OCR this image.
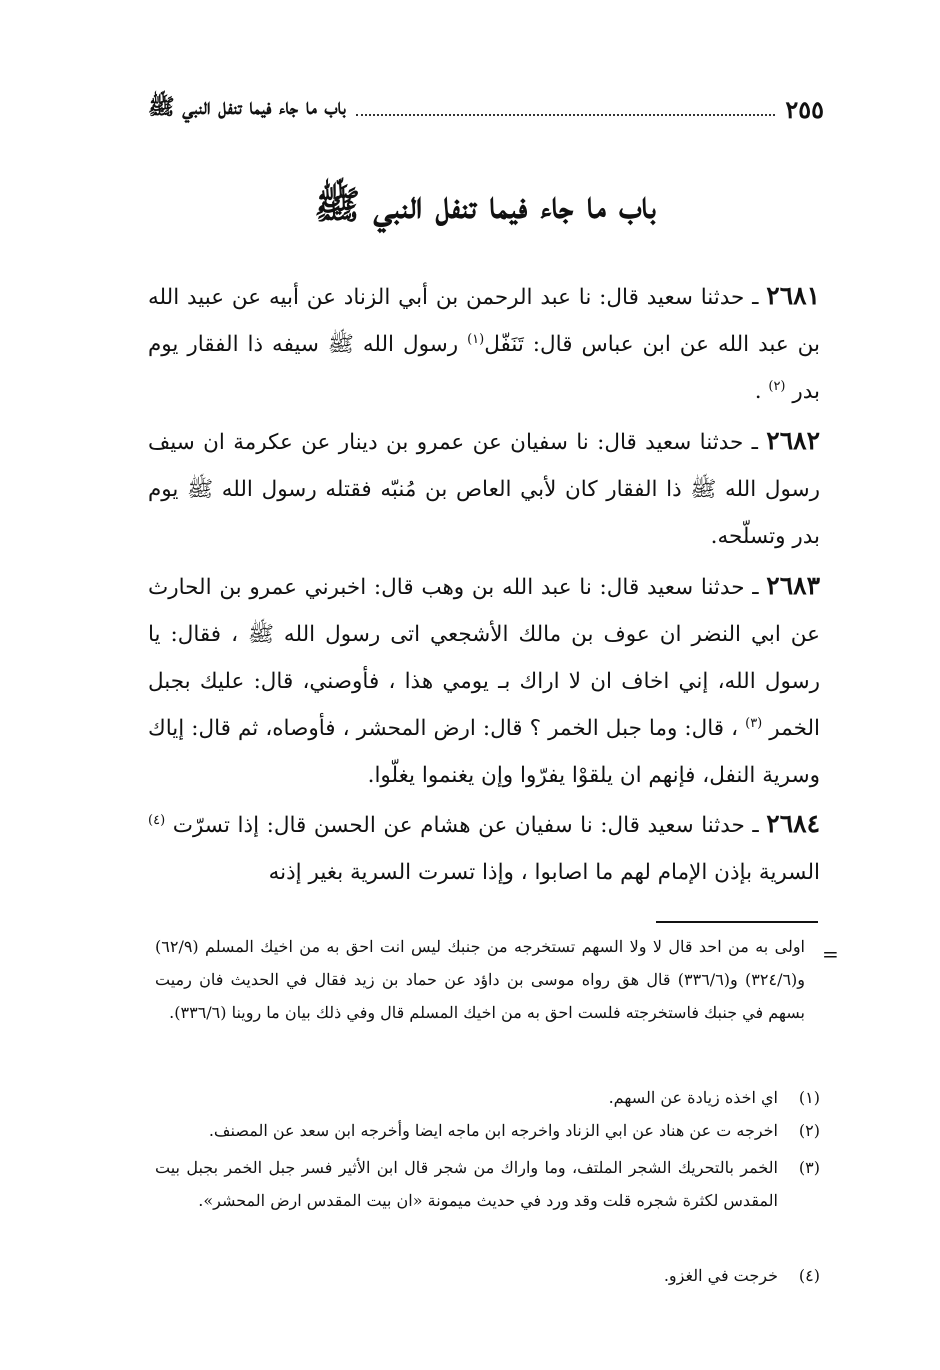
باب ما جاء فيما تنفل النبي ﷺ	٢٥٥
باب ما جاء فيما تنفل النبي ﷺ
٢٦٨١ ـ حدثنا سعيد قال: نا عبد الرحمن بن أبي الزناد عن أبيه عن عبيد الله بن عبد الله عن ابن عباس قال: تَنَفّل$^{(١)}$ رسول الله ﷺ سيفه ذا الفقار يوم بدر $^{(٢)}$ .
٢٦٨٢ ـ حدثنا سعيد قال: نا سفيان عن عمرو بن دينار عن عكرمة ان سيف رسول الله ﷺ ذا الفقار كان لأبي العاص بن مُنبّه فقتله رسول الله ﷺ يوم بدر وتسلّحه.
٢٦٨٣ ـ حدثنا سعيد قال: نا عبد الله بن وهب قال: اخبرني عمرو بن الحارث عن ابي النضر ان عوف بن مالك الأشجعي اتى رسول الله ﷺ ، فقال: يا رسول الله، إني اخاف ان لا اراك بـ يومي هذا ، فأوصني، قال: عليك بجبل الخمر $^{(٣)}$ ، قال: وما جبل الخمر ؟ قال: ارض المحشر ، فأوصاه، ثم قال: إياك وسرية النفل، فإنهم ان يلقوْا يفرّوا وإن يغنموا يغلّوا.
٢٦٨٤ ـ حدثنا سعيد قال: نا سفيان عن هشام عن الحسن قال: إذا تسرّت $^{(٤)}$ السرية بإذن الإمام لهم ما اصابوا ، وإذا تسرت السرية بغير إذنه
=
اولى به من احد قال لا ولا السهم تستخرجه من جنبك ليس انت احق به من اخيك المسلم (٦٢/٩) و(٣٢٤/٦) و(٣٣٦/٦) قال هق رواه موسى بن داؤد عن حماد بن زيد فقال في الحديث فان رميت بسهم في جنبك فاستخرجته فلست احق به من اخيك المسلم قال وفي ذلك بيان ما روينا (٣٣٦/٦).
(١)
اي اخذه زيادة عن السهم.
(٢)
اخرجه ت عن هناد عن ابي الزناد واخرجه ابن ماجه ايضا وأخرجه ابن سعد عن المصنف.
(٣)
الخمر بالتحريك الشجر الملتف، وما واراك من شجر قال ابن الأثير فسر جبل الخمر بجبل بيت المقدس لكثرة شجره قلت وقد ورد في حديث ميمونة «ان بيت المقدس ارض المحشر».
(٤)
خرجت في الغزو.
